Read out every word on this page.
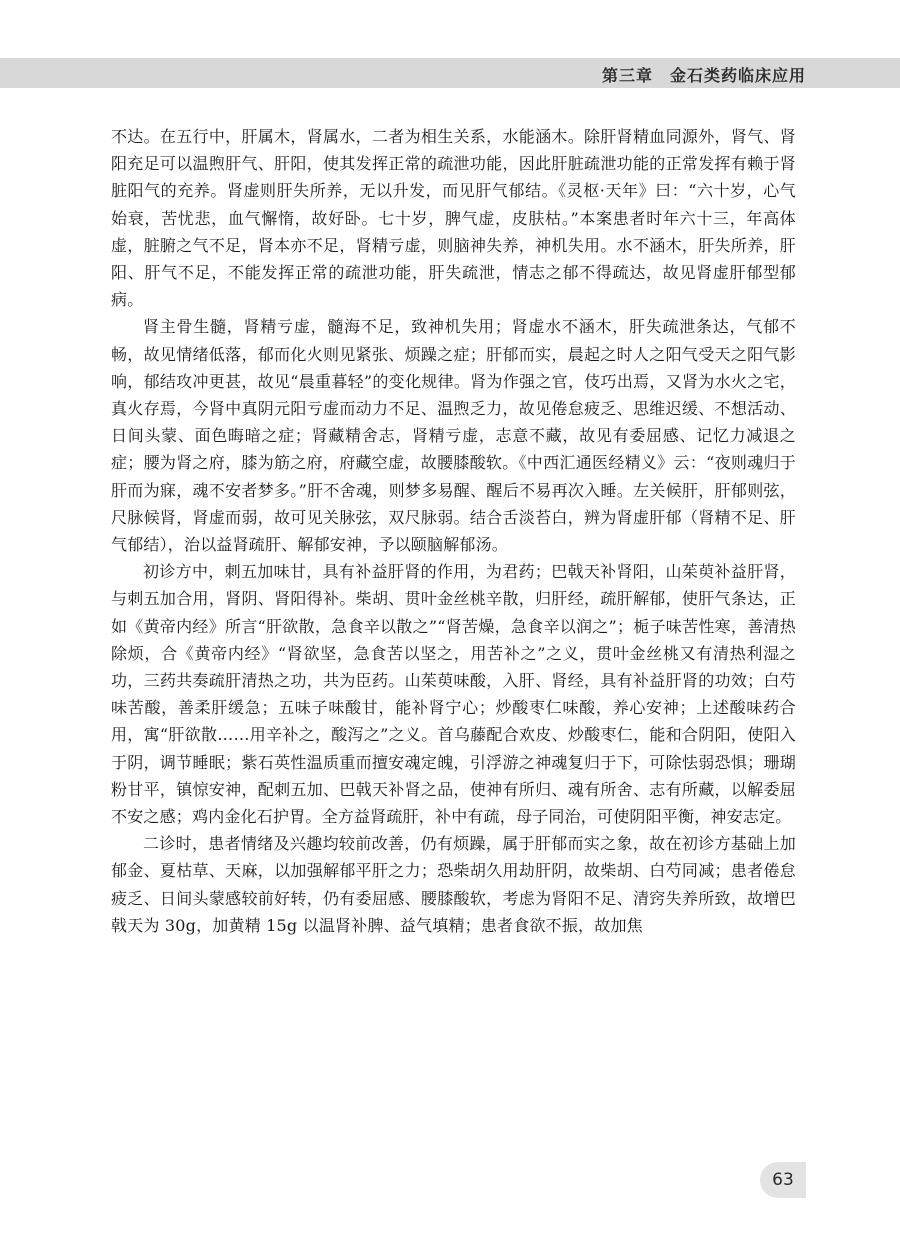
第三章　金石类药临床应用

不达。在五行中，肝属木，肾属水，二者为相生关系，水能涵木。除肝肾精血同源外，肾气、肾阳充足可以温煦肝气、肝阳，使其发挥正常的疏泄功能，因此肝脏疏泄功能的正常发挥有赖于肾脏阳气的充养。肾虚则肝失所养，无以升发，而见肝气郁结。《灵枢·天年》曰：“六十岁，心气始衰，苦忧悲，血气懈惰，故好卧。七十岁，脾气虚，皮肤枯。”本案患者时年六十三，年高体虚，脏腑之气不足，肾本亦不足，肾精亏虚，则脑神失养，神机失用。水不涵木，肝失所养，肝阳、肝气不足，不能发挥正常的疏泄功能，肝失疏泄，情志之郁不得疏达，故见肾虚肝郁型郁病。

肾主骨生髓，肾精亏虚，髓海不足，致神机失用；肾虚水不涵木，肝失疏泄条达，气郁不畅，故见情绪低落，郁而化火则见紧张、烦躁之症；肝郁而实，晨起之时人之阳气受天之阳气影响，郁结攻冲更甚，故见“晨重暮轻”的变化规律。肾为作强之官，伎巧出焉，又肾为水火之宅，真火存焉，今肾中真阴元阳亏虚而动力不足、温煦乏力，故见倦怠疲乏、思维迟缓、不想活动、日间头蒙、面色晦暗之症；肾藏精舍志，肾精亏虚，志意不藏，故见有委屈感、记忆力减退之症；腰为肾之府，膝为筋之府，府藏空虚，故腰膝酸软。《中西汇通医经精义》云：“夜则魂归于肝而为寐，魂不安者梦多。”肝不舍魂，则梦多易醒、醒后不易再次入睡。左关候肝，肝郁则弦，尺脉候肾，肾虚而弱，故可见关脉弦，双尺脉弱。结合舌淡苔白，辨为肾虚肝郁（肾精不足、肝气郁结），治以益肾疏肝、解郁安神，予以颐脑解郁汤。

初诊方中，刺五加味甘，具有补益肝肾的作用，为君药；巴戟天补肾阳，山茱萸补益肝肾，与刺五加合用，肾阴、肾阳得补。柴胡、贯叶金丝桃辛散，归肝经，疏肝解郁，使肝气条达，正如《黄帝内经》所言“肝欲散，急食辛以散之”“肾苦燥，急食辛以润之”；栀子味苦性寒，善清热除烦，合《黄帝内经》“肾欲坚，急食苦以坚之，用苦补之”之义，贯叶金丝桃又有清热利湿之功，三药共奏疏肝清热之功，共为臣药。山茱萸味酸，入肝、肾经，具有补益肝肾的功效；白芍味苦酸，善柔肝缓急；五味子味酸甘，能补肾宁心；炒酸枣仁味酸，养心安神；上述酸味药合用，寓“肝欲散……用辛补之，酸泻之”之义。首乌藤配合欢皮、炒酸枣仁，能和合阴阳，使阳入于阴，调节睡眠；紫石英性温质重而擅安魂定魄，引浮游之神魂复归于下，可除怯弱恐惧；珊瑚粉甘平，镇惊安神，配刺五加、巴戟天补肾之品，使神有所归、魂有所舍、志有所藏，以解委屈不安之感；鸡内金化石护胃。全方益肾疏肝，补中有疏，母子同治，可使阴阳平衡，神安志定。

二诊时，患者情绪及兴趣均较前改善，仍有烦躁，属于肝郁而实之象，故在初诊方基础上加郁金、夏枯草、天麻，以加强解郁平肝之力；恐柴胡久用劫肝阴，故柴胡、白芍同减；患者倦怠疲乏、日间头蒙感较前好转，仍有委屈感、腰膝酸软，考虑为肾阳不足、清窍失养所致，故增巴戟天为 30g，加黄精 15g 以温肾补脾、益气填精；患者食欲不振，故加焦

63
